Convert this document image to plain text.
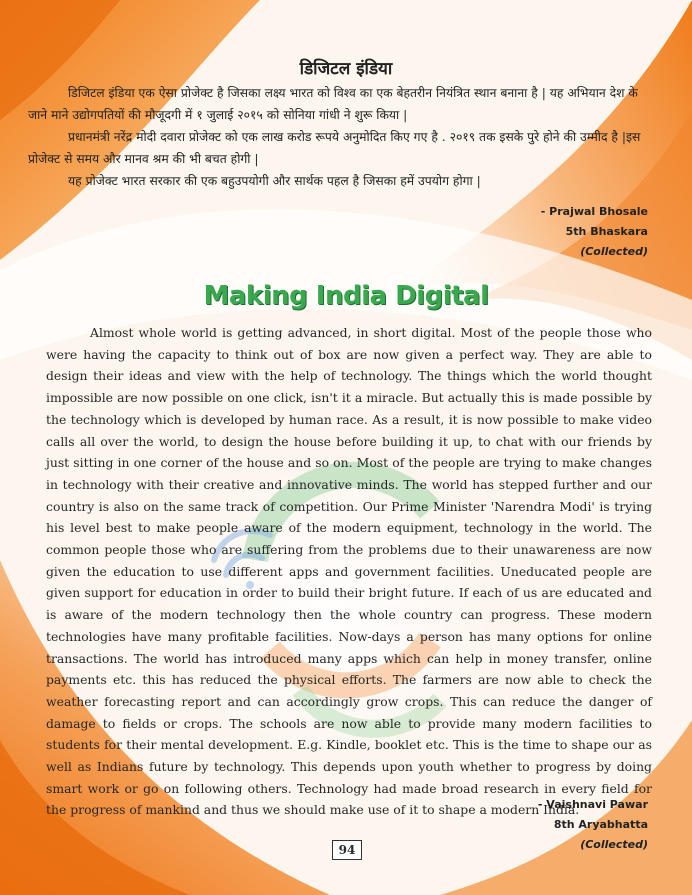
डिजिटल इंडिया

डिजिटल इंडिया एक ऐसा प्रोजेक्ट है जिसका लक्ष्य भारत को विश्व का एक बेहतरीन नियंत्रित स्थान बनाना है | यह अभियान देश के जाने माने उद्योगपतियों की मौजूदगी में १ जुलाई २०१५ को सोनिया गांधी ने शुरू किया |

प्रधानमंत्री नरेंद्र मोदी दवारा प्रोजेक्ट को एक लाख करोड रूपये अनुमोदित किए गए है . २०१९ तक इसके पुरे होने की उम्मीद है |इस प्रोजेक्ट से समय और मानव श्रम की भी बचत होगी |

यह प्रोजेक्ट भारत सरकार की एक बहुउपयोगी और सार्थक पहल है जिसका हमें उपयोग होगा |

- Prajwal Bhosale
5th Bhaskara
(Collected)
Making India Digital

Almost whole world is getting advanced, in short digital. Most of the people those who were having the capacity to think out of box are now given a perfect way. They are able to design their ideas and view with the help of technology. The things which the world thought impossible are now possible on one click, isn't it a miracle. But actually this is made possible by the technology which is developed by human race. As a result, it is now possible to make video calls all over the world, to design the house before building it up, to chat with our friends by just sitting in one corner of the house and so on. Most of the people are trying to make changes in technology with their creative and innovative minds. The world has stepped further and our country is also on the same track of competition. Our Prime Minister 'Narendra Modi' is trying his level best to make people aware of the modern equipment, technology in the world. The common people those who are suffering from the problems due to their unawareness are now given the education to use different apps and government facilities. Uneducated people are given support for education in order to build their bright future. If each of us are educated and is aware of the modern technology then the whole country can progress. These modern technologies have many profitable facilities. Now-days a person has many options for online transactions. The world has introduced many apps which can help in money transfer, online payments etc. this has reduced the physical efforts. The farmers are now able to check the weather forecasting report and can accordingly grow crops. This can reduce the danger of damage to fields or crops. The schools are now able to provide many modern facilities to students for their mental development. E.g. Kindle, booklet etc. This is the time to shape our as well as Indians future by technology. This depends upon youth whether to progress by doing smart work or go on following others. Technology had made broad research in every field for the progress of mankind and thus we should make use of it to shape a modern India.

- Vaishnavi Pawar
8th Aryabhatta
(Collected)
94
